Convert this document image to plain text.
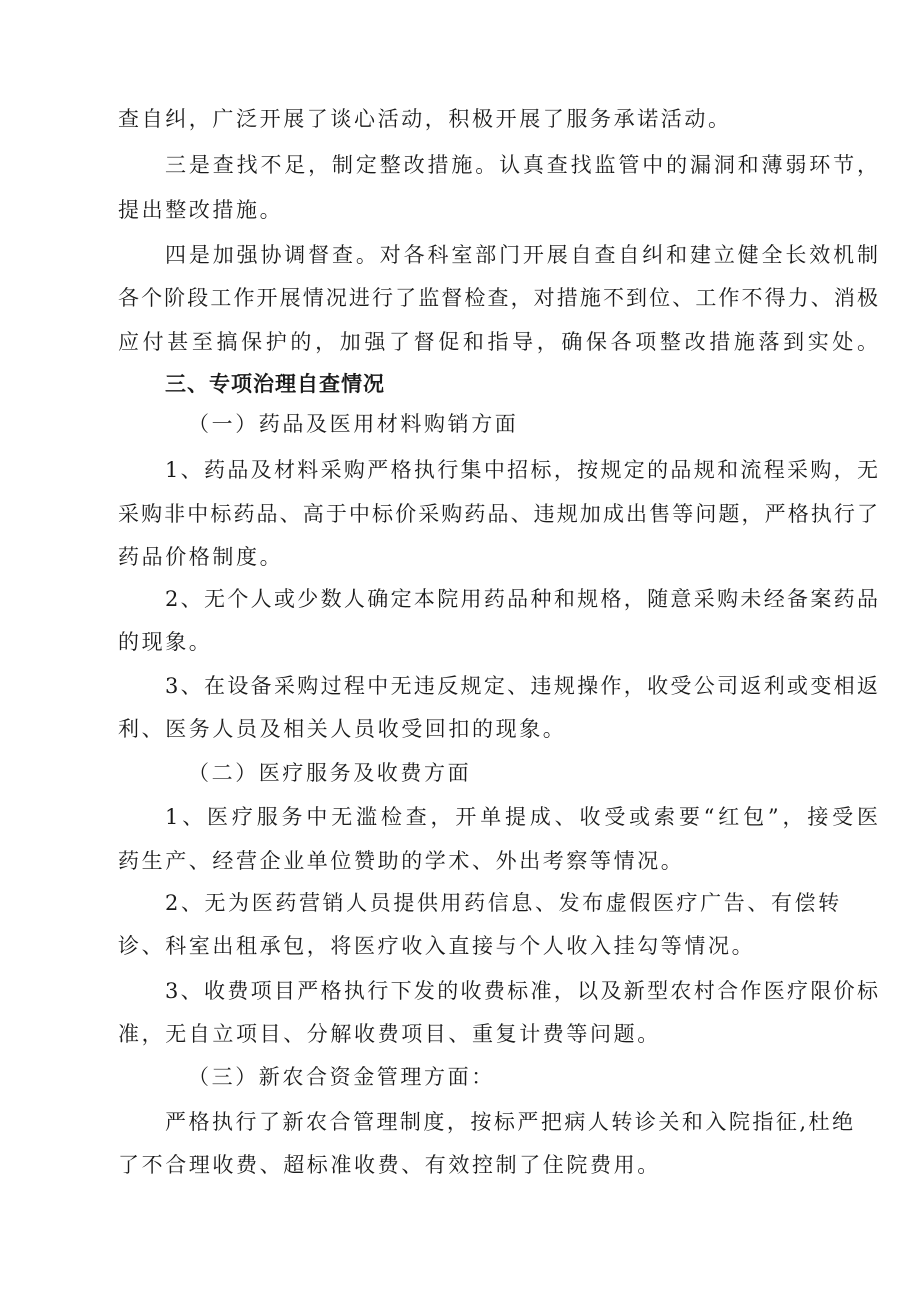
查自纠，广泛开展了谈心活动，积极开展了服务承诺活动。
三是查找不足，制定整改措施。认真查找监管中的漏洞和薄弱环节，
提出整改措施。
四是加强协调督查。对各科室部门开展自查自纠和建立健全长效机制
各个阶段工作开展情况进行了监督检查，对措施不到位、工作不得力、消极
应付甚至搞保护的，加强了督促和指导，确保各项整改措施落到实处。
三、专项治理自查情况
（一）药品及医用材料购销方面
1、药品及材料采购严格执行集中招标，按规定的品规和流程采购，无
采购非中标药品、高于中标价采购药品、违规加成出售等问题，严格执行了
药品价格制度。
2、无个人或少数人确定本院用药品种和规格，随意采购未经备案药品
的现象。
3、在设备采购过程中无违反规定、违规操作，收受公司返利或变相返
利、医务人员及相关人员收受回扣的现象。
（二）医疗服务及收费方面
1、医疗服务中无滥检查，开单提成、收受或索要“红包”，接受医
药生产、经营企业单位赞助的学术、外出考察等情况。
2、无为医药营销人员提供用药信息、发布虚假医疗广告、有偿转
诊、科室出租承包，将医疗收入直接与个人收入挂勾等情况。
3、收费项目严格执行下发的收费标准，以及新型农村合作医疗限价标
准，无自立项目、分解收费项目、重复计费等问题。
（三）新农合资金管理方面：
严格执行了新农合管理制度，按标严把病人转诊关和入院指征,杜绝
了不合理收费、超标准收费、有效控制了住院费用。
